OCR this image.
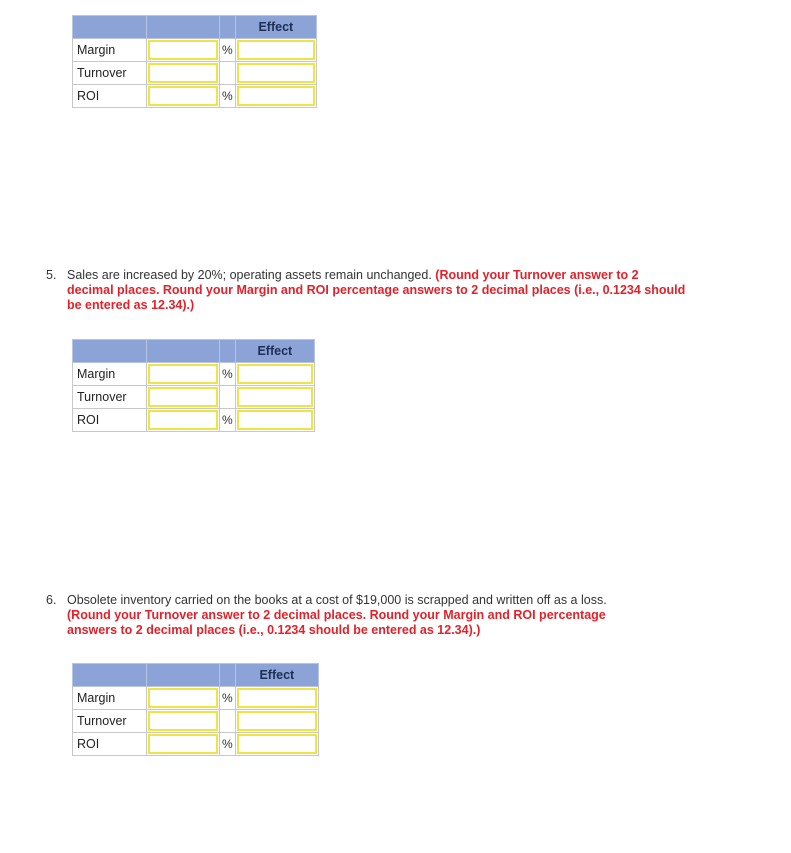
			Effect
Margin		%	

Turnover	

ROI		%	
5. Sales are increased by 20%; operating assets remain unchanged. (Round your Turnover answer to 2 decimal places. Round your Margin and ROI percentage answers to 2 decimal places (i.e., 0.1234 should be entered as 12.34).)
			Effect
Margin		%	

Turnover	

ROI		%	
6. Obsolete inventory carried on the books at a cost of $19,000 is scrapped and written off as a loss. (Round your Turnover answer to 2 decimal places. Round your Margin and ROI percentage answers to 2 decimal places (i.e., 0.1234 should be entered as 12.34).)
			Effect
Margin		%	

Turnover	

ROI		%	
